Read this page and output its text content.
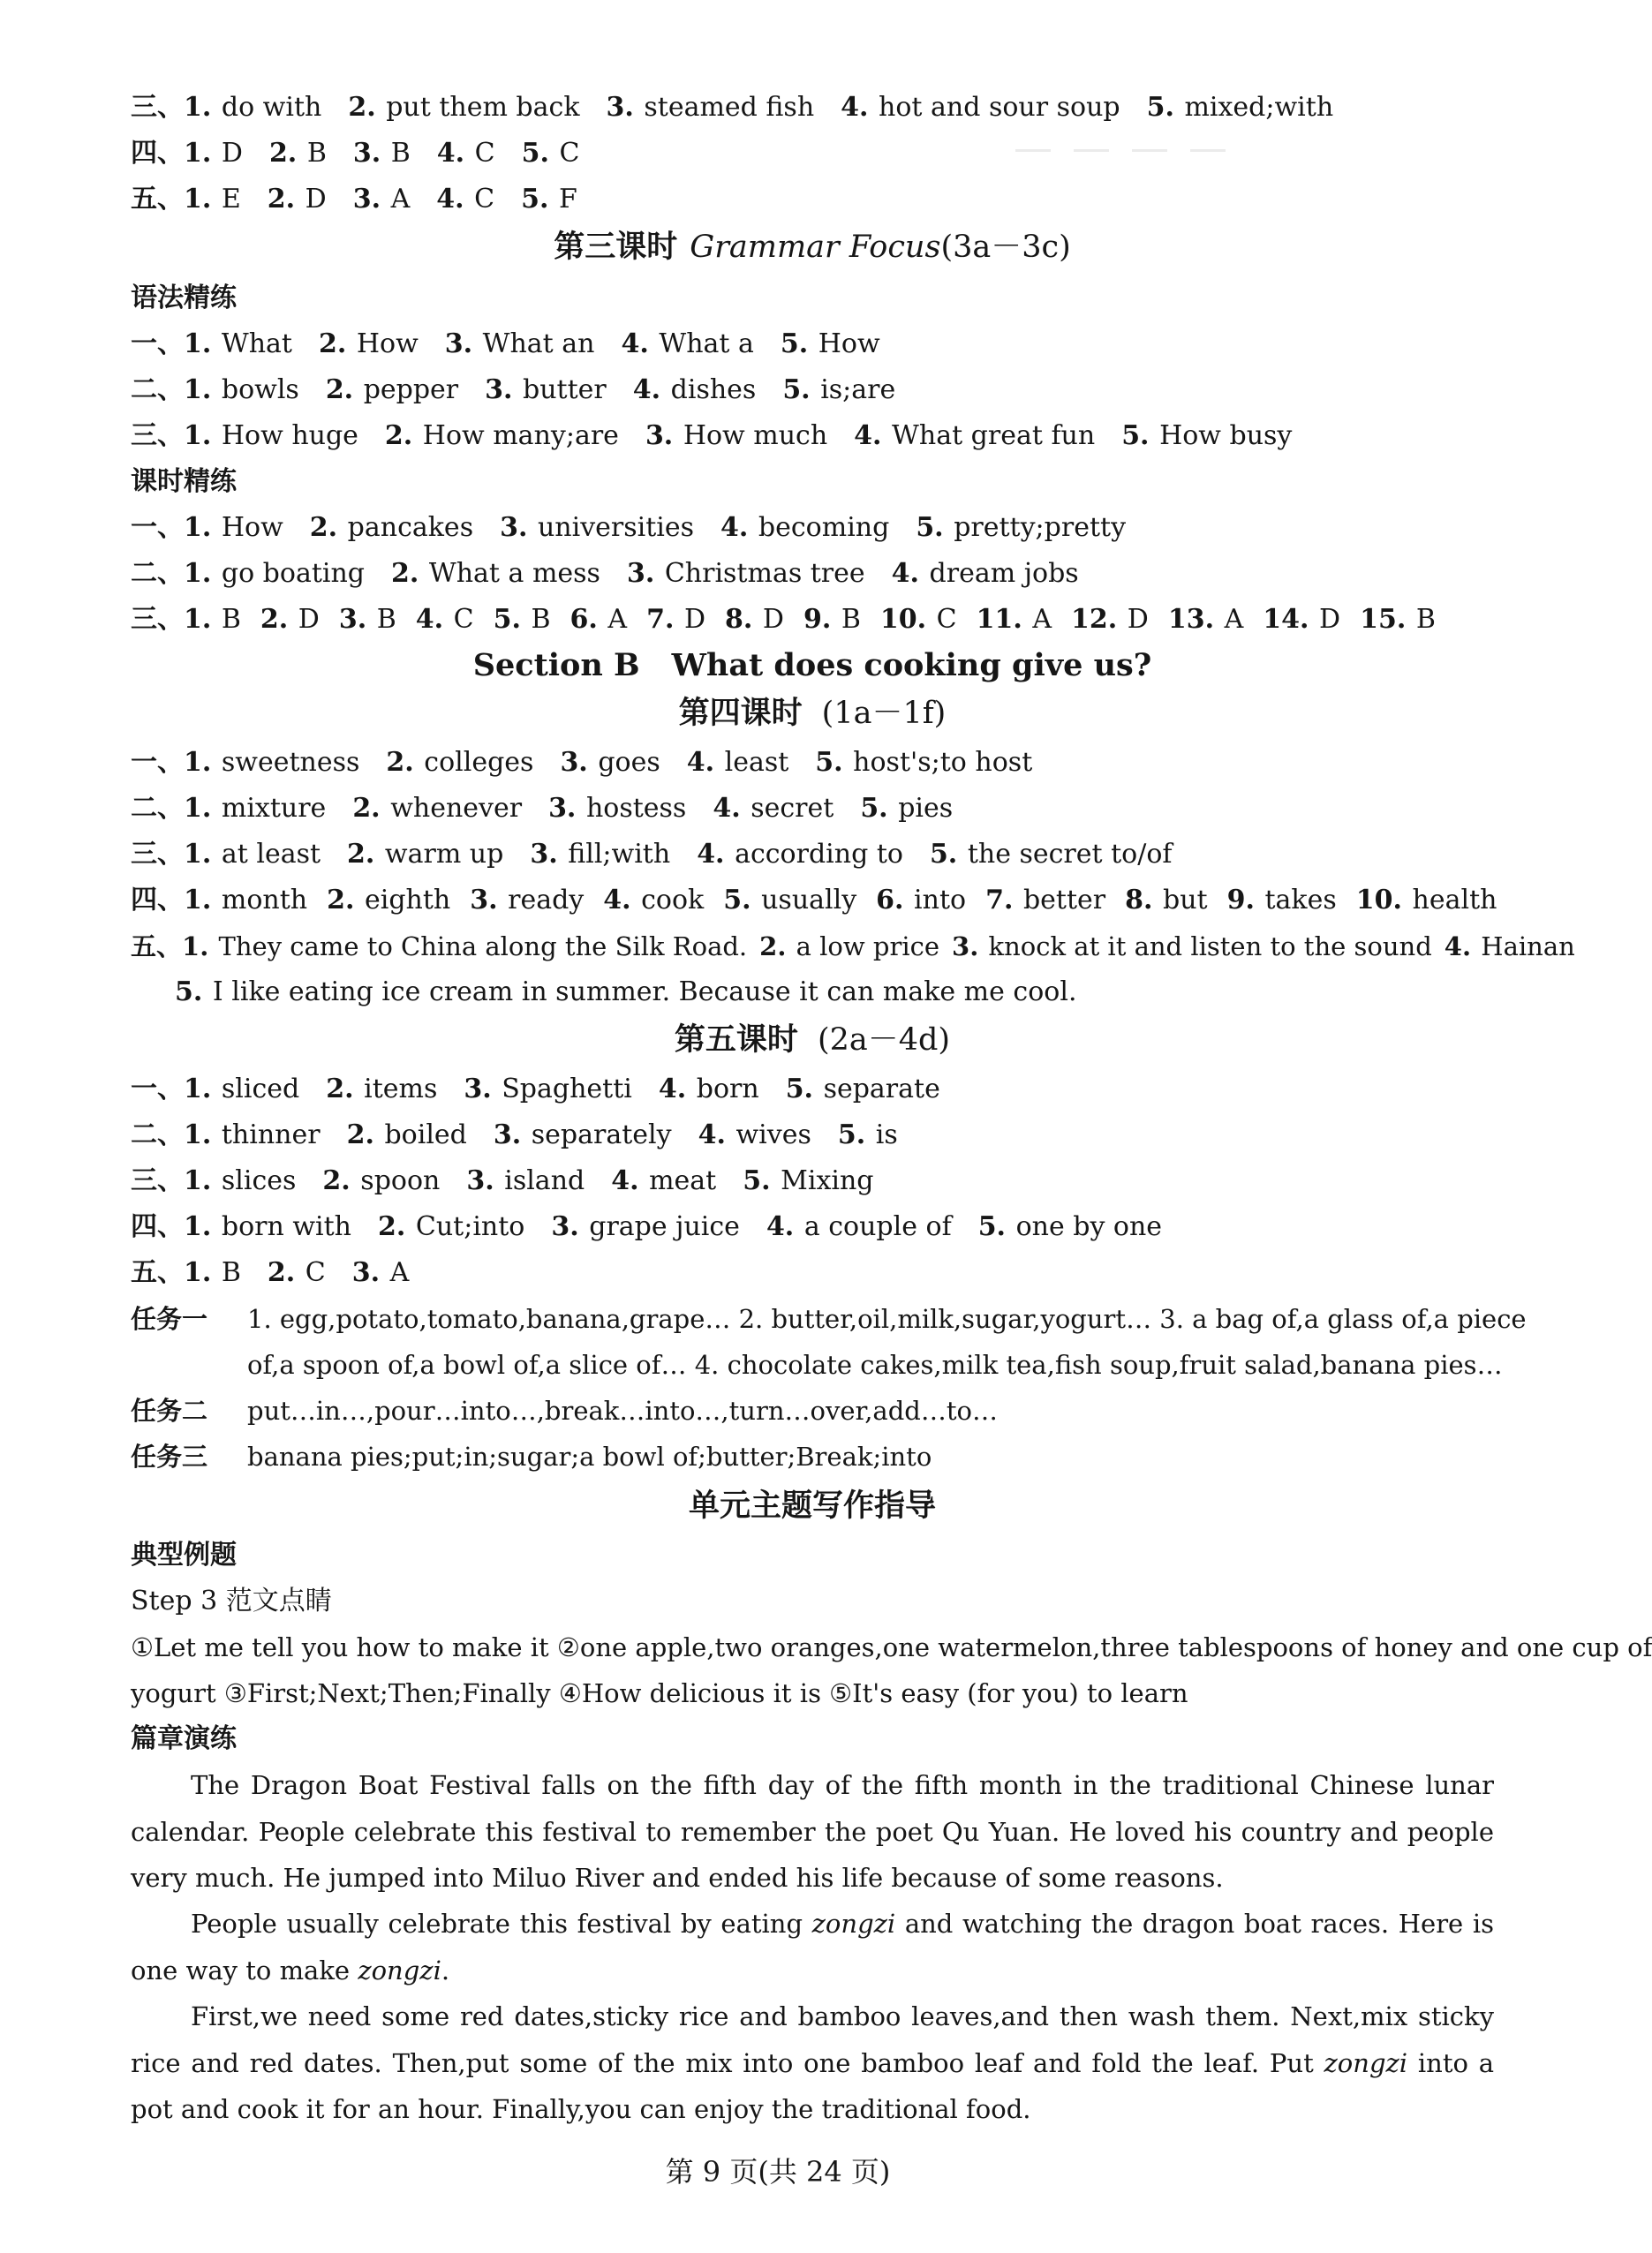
三、1. do with 2. put them back 3. steamed fish 4. hot and sour soup 5. mixed;with
四、1. D 2. B 3. B 4. C 5. C
五、1. E 2. D 3. A 4. C 5. F
第三课时 Grammar Focus(3a－3c)
语法精练
一、1. What 2. How 3. What an 4. What a 5. How
二、1. bowls 2. pepper 3. butter 4. dishes 5. is;are
三、1. How huge 2. How many;are 3. How much 4. What great fun 5. How busy
课时精练
一、1. How 2. pancakes 3. universities 4. becoming 5. pretty;pretty
二、1. go boating 2. What a mess 3. Christmas tree 4. dream jobs
三、1. B 2. D 3. B 4. C 5. B 6. A 7. D 8. D 9. B 10. C 11. A 12. D 13. A 14. D 15. B
Section B What does cooking give us?
第四课时 (1a－1f)
一、1. sweetness 2. colleges 3. goes 4. least 5. host's;to host
二、1. mixture 2. whenever 3. hostess 4. secret 5. pies
三、1. at least 2. warm up 3. fill;with 4. according to 5. the secret to/of
四、1. month 2. eighth 3. ready 4. cook 5. usually 6. into 7. better 8. but 9. takes 10. health
五、1. They came to China along the Silk Road. 2. a low price 3. knock at it and listen to the sound 4. Hainan
5. I like eating ice cream in summer. Because it can make me cool.
第五课时 (2a－4d)
一、1. sliced 2. items 3. Spaghetti 4. born 5. separate
二、1. thinner 2. boiled 3. separately 4. wives 5. is
三、1. slices 2. spoon 3. island 4. meat 5. Mixing
四、1. born with 2. Cut;into 3. grape juice 4. a couple of 5. one by one
五、1. B 2. C 3. A
任务一 1. egg,potato,tomato,banana,grape… 2. butter,oil,milk,sugar,yogurt… 3. a bag of,a glass of,a piece
of,a spoon of,a bowl of,a slice of… 4. chocolate cakes,milk tea,fish soup,fruit salad,banana pies…
任务二 put…in…,pour…into…,break…into…,turn…over,add…to…
任务三 banana pies;put;in;sugar;a bowl of;butter;Break;into
单元主题写作指导
典型例题
Step 3 范文点睛
①Let me tell you how to make it ②one apple,two oranges,one watermelon,three tablespoons of honey and one cup of
yogurt ③First;Next;Then;Finally ④How delicious it is ⑤It's easy (for you) to learn
篇章演练
The Dragon Boat Festival falls on the fifth day of the fifth month in the traditional Chinese lunar calendar. People celebrate this festival to remember the poet Qu Yuan. He loved his country and people very much. He jumped into Miluo River and ended his life because of some reasons.
People usually celebrate this festival by eating zongzi and watching the dragon boat races. Here is one way to make zongzi.
First,we need some red dates,sticky rice and bamboo leaves,and then wash them. Next,mix sticky rice and red dates. Then,put some of the mix into one bamboo leaf and fold the leaf. Put zongzi into a pot and cook it for an hour. Finally,you can enjoy the traditional food.
第 9 页(共 24 页)
